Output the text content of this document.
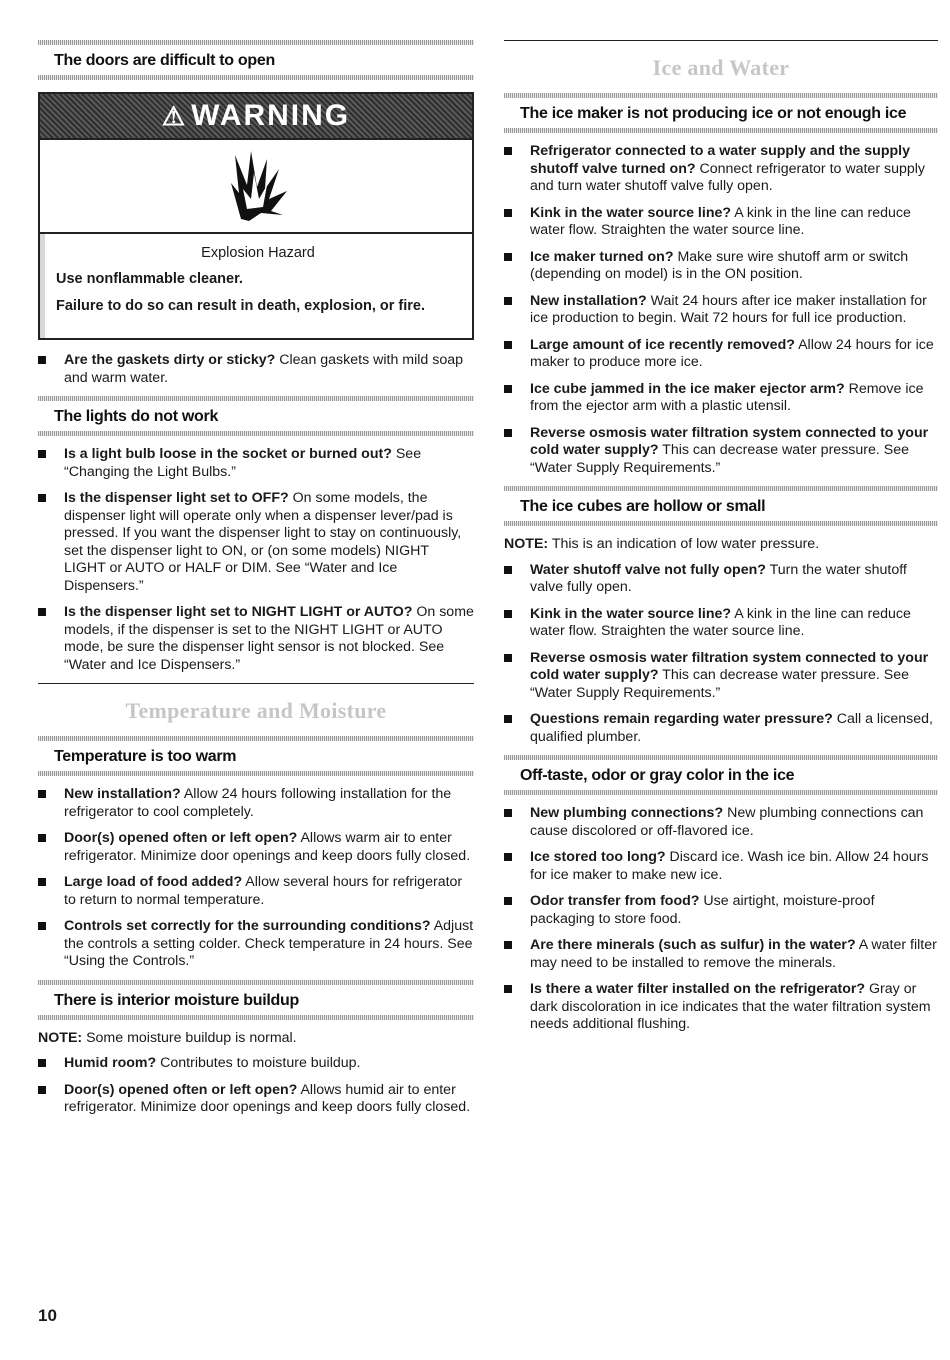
The doors are difficult to open
⚠ WARNING
Explosion Hazard

Use nonflammable cleaner.

Failure to do so can result in death, explosion, or fire.

Are the gaskets dirty or sticky? Clean gaskets with mild soap and warm water.
The lights do not work
Is a light bulb loose in the socket or burned out? See “Changing the Light Bulbs.”
Is the dispenser light set to OFF? On some models, the dispenser light will operate only when a dispenser lever/pad is pressed. If you want the dispenser light to stay on continuously, set the dispenser light to ON, or (on some models) NIGHT LIGHT or AUTO or HALF or DIM. See “Water and Ice Dispensers.”
Is the dispenser light set to NIGHT LIGHT or AUTO? On some models, if the dispenser is set to the NIGHT LIGHT or AUTO mode, be sure the dispenser light sensor is not blocked. See “Water and Ice Dispensers.”
Temperature and Moisture
Temperature is too warm
New installation? Allow 24 hours following installation for the refrigerator to cool completely.
Door(s) opened often or left open? Allows warm air to enter refrigerator. Minimize door openings and keep doors fully closed.
Large load of food added? Allow several hours for refrigerator to return to normal temperature.
Controls set correctly for the surrounding conditions? Adjust the controls a setting colder. Check temperature in 24 hours. See “Using the Controls.”
There is interior moisture buildup
NOTE: Some moisture buildup is normal.
Humid room? Contributes to moisture buildup.
Door(s) opened often or left open? Allows humid air to enter refrigerator. Minimize door openings and keep doors fully closed.
Ice and Water
The ice maker is not producing ice or not enough ice
Refrigerator connected to a water supply and the supply shutoff valve turned on? Connect refrigerator to water supply and turn water shutoff valve fully open.
Kink in the water source line? A kink in the line can reduce water flow. Straighten the water source line.
Ice maker turned on? Make sure wire shutoff arm or switch (depending on model) is in the ON position.
New installation? Wait 24 hours after ice maker installation for ice production to begin. Wait 72 hours for full ice production.
Large amount of ice recently removed? Allow 24 hours for ice maker to produce more ice.
Ice cube jammed in the ice maker ejector arm? Remove ice from the ejector arm with a plastic utensil.
Reverse osmosis water filtration system connected to your cold water supply? This can decrease water pressure. See “Water Supply Requirements.”
The ice cubes are hollow or small
NOTE: This is an indication of low water pressure.
Water shutoff valve not fully open? Turn the water shutoff valve fully open.
Kink in the water source line? A kink in the line can reduce water flow. Straighten the water source line.
Reverse osmosis water filtration system connected to your cold water supply? This can decrease water pressure. See “Water Supply Requirements.”
Questions remain regarding water pressure? Call a licensed, qualified plumber.
Off-taste, odor or gray color in the ice
New plumbing connections? New plumbing connections can cause discolored or off-flavored ice.
Ice stored too long? Discard ice. Wash ice bin. Allow 24 hours for ice maker to make new ice.
Odor transfer from food? Use airtight, moisture-proof packaging to store food.
Are there minerals (such as sulfur) in the water? A water filter may need to be installed to remove the minerals.
Is there a water filter installed on the refrigerator? Gray or dark discoloration in ice indicates that the water filtration system needs additional flushing.
10
